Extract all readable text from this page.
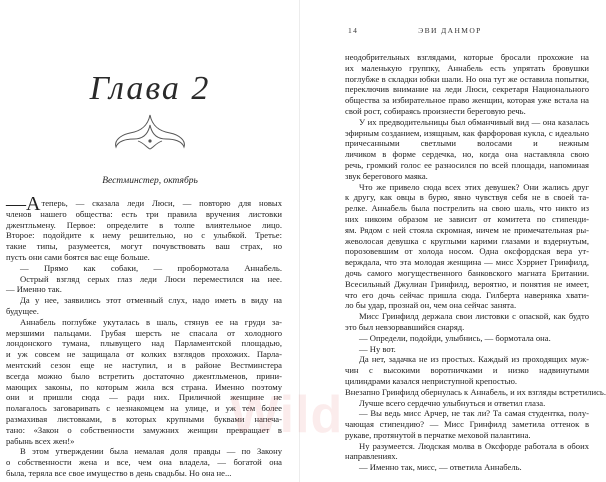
Глава 2
Вестминстер, октябрь
—Атеперь, — сказала леди Люси, — повторю для новых
членов нашего общества: есть три правила вручения листовки
джентльмену. Первое: определите в толпе влиятельное лицо.
Второе: подойдите к нему решительно, но с улыбкой. Третье:
такие типы, разумеется, могут почувствовать ваш страх, но
пусть они сами боятся вас еще больше.
— Прямо как собаки, — пробормотала Аннабель.
Острый взгляд серых глаз леди Люси переместился на нее.
— Именно так.
Да у нее, заявились этот отменный слух, надо иметь в виду на
будущее.
Аннабель поглубже укуталась в шаль, стянув ее на груди за-
мерзшими пальцами. Грубая шерсть не спасала от холодного
лондонского тумана, плывущего над Парламентской площадью,
и уж совсем не защищала от колких взглядов прохожих. Парла-
ментский сезон еще не наступил, и в районе Вестминстера
всегда можно было встретить достаточно джентльменов, прини-
мающих законы, по которым жила вся страна. Именно поэтому
они и пришли сюда — ради них. Приличной женщине не
полагалось заговаривать с незнакомцем на улице, и уж тем более
размахивая листовками, в которых крупными буквами напеча-
тано: «Закон о собственности замужних женщин превращает в
рабынь всех жен!»
В этом утверждении была немалая доля правды — по Закону
о собственности жена и все, чем она владела, — богатой она
была, теряла все свое имущество в день свадьбы. Но она не...
14	ЭВИ ДАНМОР
неодобрительных взглядами, которые бросали прохожие на
их маленькую группку, Аннабель есть упрятать бровушки
поглубже в складки юбки шали. Но она тут же оставила попытки,
переключив внимание на леди Люси, секретаря Национального
общества за избирательное право женщин, которая уже встала на
свой рост, собираясь произнести береговую речь.
У их предводительницы был обманчивый вид — она казалась
эфирным созданием, изящным, как фарфоровая кукла, с идеально
причесанными светлыми волосами и нежным
личиком в форме сердечка, но, когда она наставляла свою
речь, громкий голос ее разносился по всей площади, напоминая
звук берегового маяка.
Что же привело сюда всех этих девушек? Они жались друг
к другу, как овцы в бурю, явно чувствуя себя не в своей та-
релке. Аннабель была пострелить на свою шаль, что никто из
них никоим образом не зависит от комитета по стипенди-
ям. Рядом с ней стояла скромная, ничем не примечательная ры-
жеволосая девушка с круглыми карими глазами и вздернутым,
порозовевшим от холода носом. Одна оксфордская вера ут-
верждала, что эта молодая женщина — мисс Хэрриет Гринфилд,
дочь самого могущественного банковского магната Британии.
Всесильный Джулиан Гринфилд, вероятно, и понятия не имеет,
что его дочь сейчас пришла сюда. Гилберта наверняка хвати-
ло бы удар, прознай он, чем она сейчас занята.
Мисс Гринфилд держала свои листовки с опаской, как будто
это был невзорвавшийся снаряд.
— Определи, подойди, улыбнись, — бормотала она.
— Ну вот.
Да нет, задачка не из простых. Каждый из проходящих муж-
чин с высокими воротничками и низко надвинутыми
цилиндрами казался неприступной крепостью.
Внезапно Гринфилд обернулась к Аннабель, и их взгляды встретились.
Лучше всего сердечно улыбнуться и ответил глаза.
— Вы ведь мисс Арчер, не так ли? Та самая студентка, полу-
чающая стипендию? — Мисс Гринфилд заметила оттенок в
рукаве, протянутой в перчатке меховой палантина.
Ну разумеется. Людская молва в Оксфорде работала в обоих
направлениях.
— Именно так, мисс, — ответила Аннабель.
Wild
